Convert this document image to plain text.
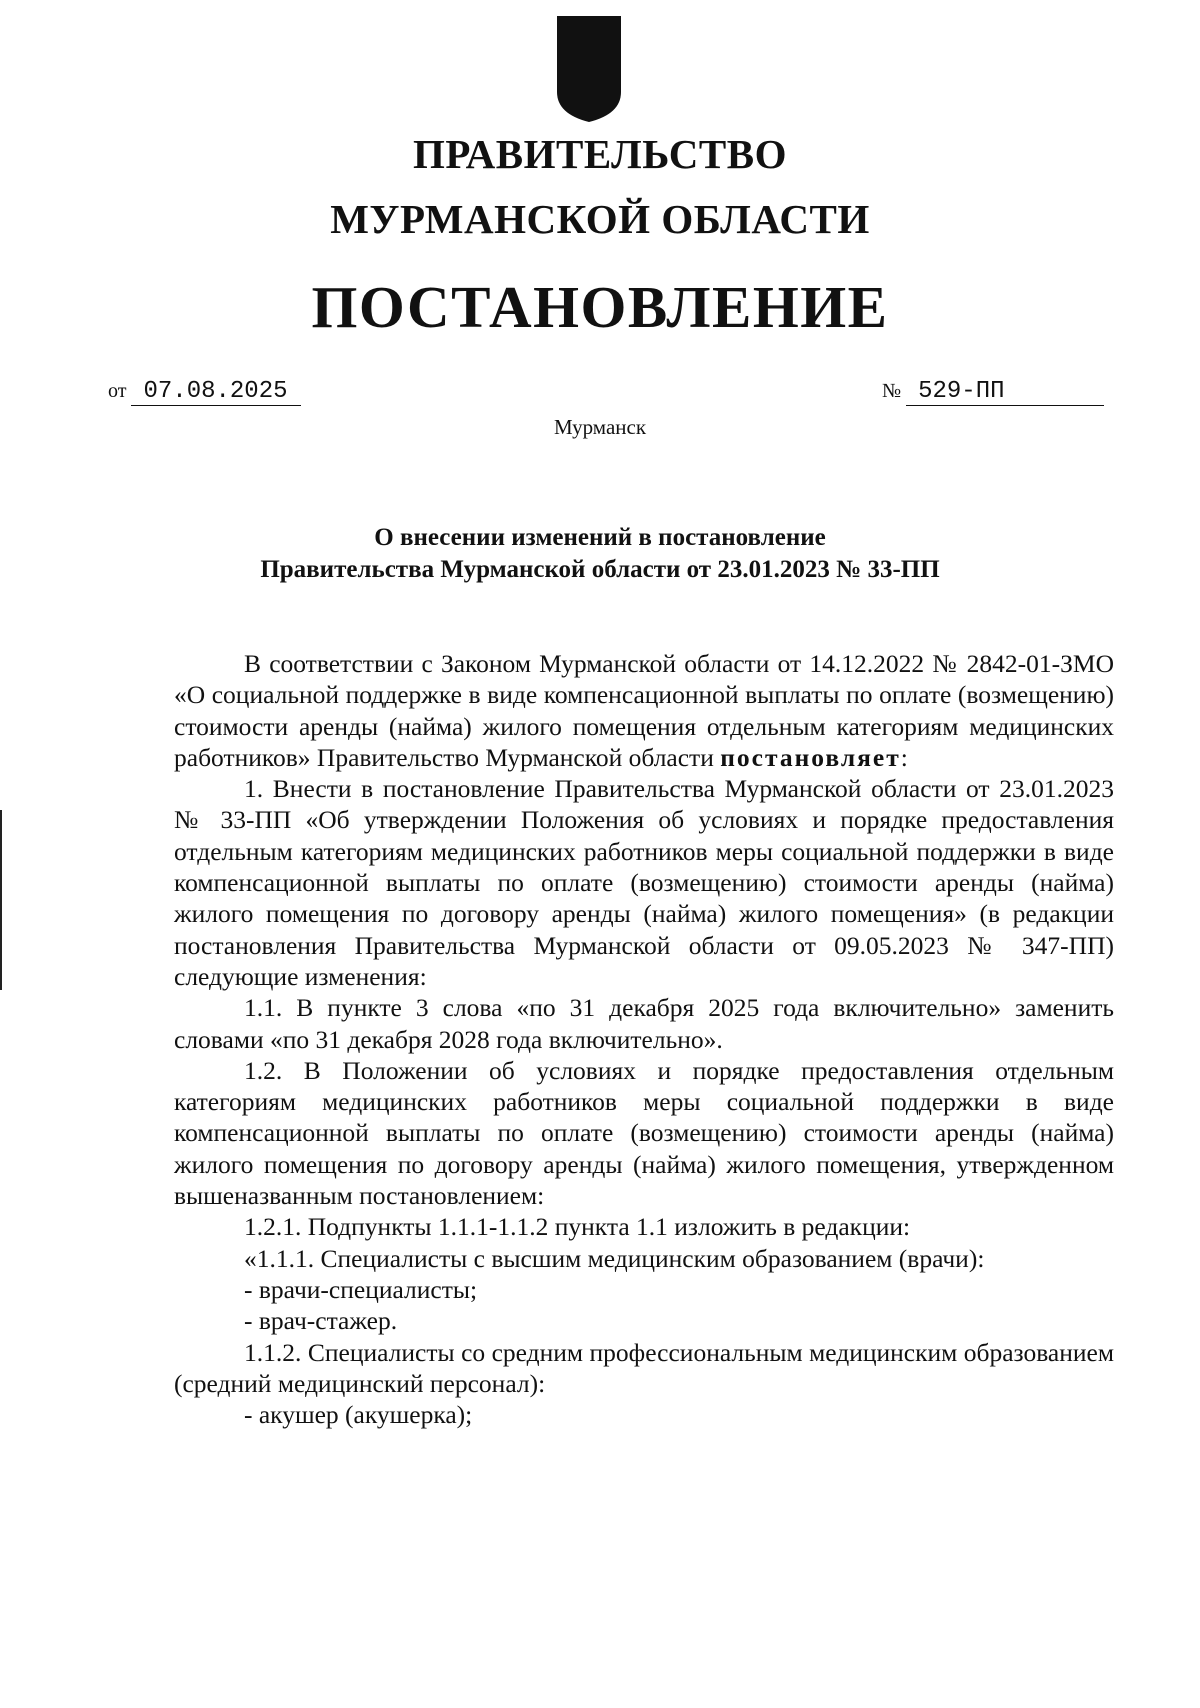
ПРАВИТЕЛЬСТВО
МУРМАНСКОЙ ОБЛАСТИ
ПОСТАНОВЛЕНИЕ
от 07.08.2025	№ 529-ПП
Мурманск
О внесении изменений в постановление
Правительства Мурманской области от 23.01.2023 № 33-ПП

В соответствии с Законом Мурманской области от 14.12.2022 № 2842-01-ЗМО «О социальной поддержке в виде компенсационной выплаты по оплате (возмещению) стоимости аренды (найма) жилого помещения отдельным категориям медицинских работников» Правительство Мурманской области постановляет:

1. Внести в постановление Правительства Мурманской области от 23.01.2023 № 33-ПП «Об утверждении Положения об условиях и порядке предоставления отдельным категориям медицинских работников меры социальной поддержки в виде компенсационной выплаты по оплате (возмещению) стоимости аренды (найма) жилого помещения по договору аренды (найма) жилого помещения» (в редакции постановления Правительства Мурманской области от 09.05.2023 № 347-ПП) следующие изменения:

1.1. В пункте 3 слова «по 31 декабря 2025 года включительно» заменить словами «по 31 декабря 2028 года включительно».

1.2. В Положении об условиях и порядке предоставления отдельным категориям медицинских работников меры социальной поддержки в виде компенсационной выплаты по оплате (возмещению) стоимости аренды (найма) жилого помещения по договору аренды (найма) жилого помещения, утвержденном вышеназванным постановлением:

1.2.1. Подпункты 1.1.1-1.1.2 пункта 1.1 изложить в редакции:

«1.1.1. Специалисты с высшим медицинским образованием (врачи):

- врачи-специалисты;

- врач-стажер.

1.1.2. Специалисты со средним профессиональным медицинским образованием (средний медицинский персонал):

- акушер (акушерка);
